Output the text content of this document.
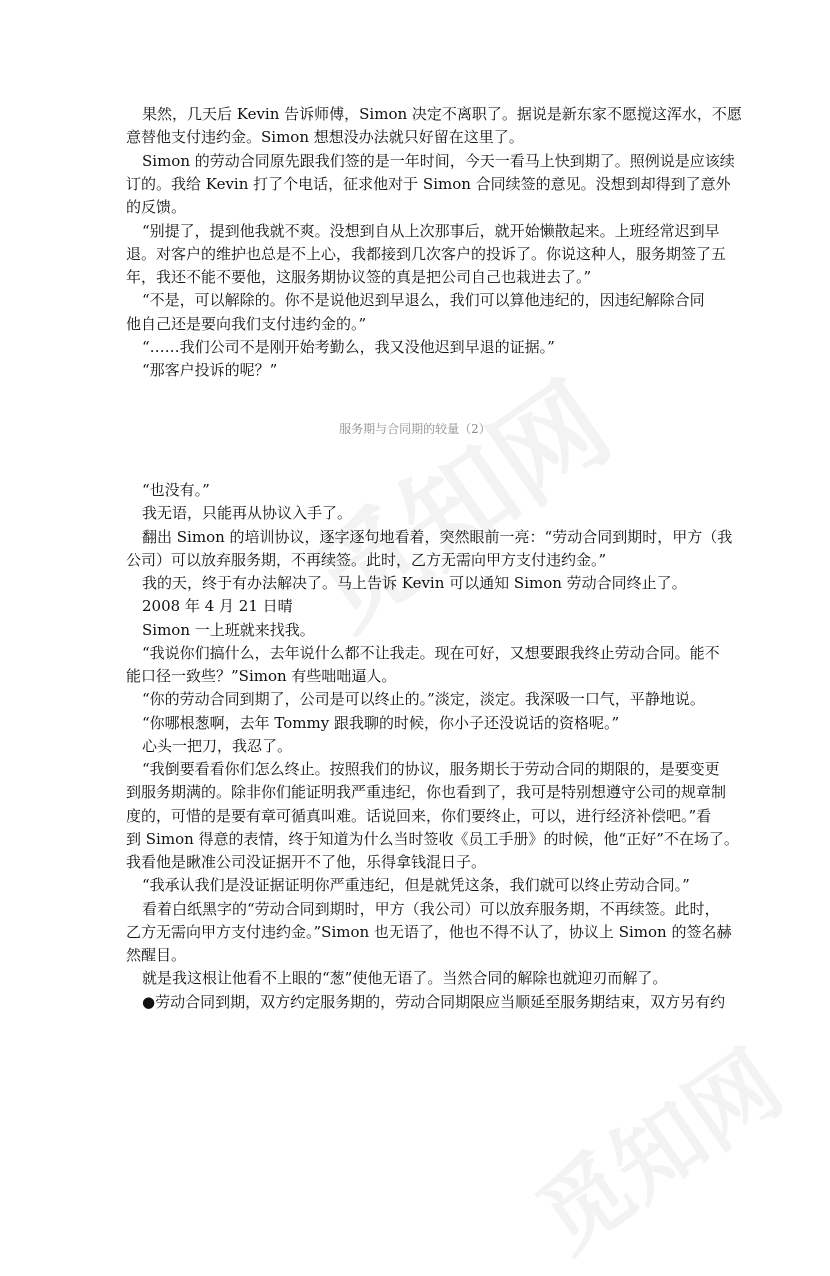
果然，几天后 Kevin 告诉师傅，Simon 决定不离职了。据说是新东家不愿搅这浑水，不愿
意替他支付违约金。Simon 想想没办法就只好留在这里了。
Simon 的劳动合同原先跟我们签的是一年时间，今天一看马上快到期了。照例说是应该续
订的。我给 Kevin 打了个电话，征求他对于 Simon 合同续签的意见。没想到却得到了意外
的反馈。
“别提了，提到他我就不爽。没想到自从上次那事后，就开始懒散起来。上班经常迟到早
退。对客户的维护也总是不上心，我都接到几次客户的投诉了。你说这种人，服务期签了五
年，我还不能不要他，这服务期协议签的真是把公司自己也栽进去了。”
“不是，可以解除的。你不是说他迟到早退么，我们可以算他违纪的，因违纪解除合同
他自己还是要向我们支付违约金的。”
“……我们公司不是刚开始考勤么，我又没他迟到早退的证据。”
“那客户投诉的呢？”
服务期与合同期的较量（2）
“也没有。”
我无语，只能再从协议入手了。
翻出 Simon 的培训协议，逐字逐句地看着，突然眼前一亮：“劳动合同到期时，甲方（我
公司）可以放弃服务期，不再续签。此时，乙方无需向甲方支付违约金。”
我的天，终于有办法解决了。马上告诉 Kevin 可以通知 Simon 劳动合同终止了。
2008 年 4 月 21 日晴
Simon 一上班就来找我。
“我说你们搞什么，去年说什么都不让我走。现在可好，又想要跟我终止劳动合同。能不
能口径一致些？”Simon 有些咄咄逼人。
“你的劳动合同到期了，公司是可以终止的。”淡定，淡定。我深吸一口气，平静地说。
“你哪根葱啊，去年 Tommy 跟我聊的时候，你小子还没说话的资格呢。”
心头一把刀，我忍了。
“我倒要看看你们怎么终止。按照我们的协议，服务期长于劳动合同的期限的，是要变更
到服务期满的。除非你们能证明我严重违纪，你也看到了，我可是特别想遵守公司的规章制
度的，可惜的是要有章可循真叫难。话说回来，你们要终止，可以，进行经济补偿吧。”看
到 Simon 得意的表情，终于知道为什么当时签收《员工手册》的时候，他“正好”不在场了。
我看他是瞅准公司没证据开不了他，乐得拿钱混日子。
“我承认我们是没证据证明你严重违纪，但是就凭这条，我们就可以终止劳动合同。”
看着白纸黑字的“劳动合同到期时，甲方（我公司）可以放弃服务期，不再续签。此时，
乙方无需向甲方支付违约金。”Simon 也无语了，他也不得不认了，协议上 Simon 的签名赫
然醒目。
就是我这根让他看不上眼的“葱”使他无语了。当然合同的解除也就迎刃而解了。
●劳动合同到期，双方约定服务期的，劳动合同期限应当顺延至服务期结束，双方另有约
